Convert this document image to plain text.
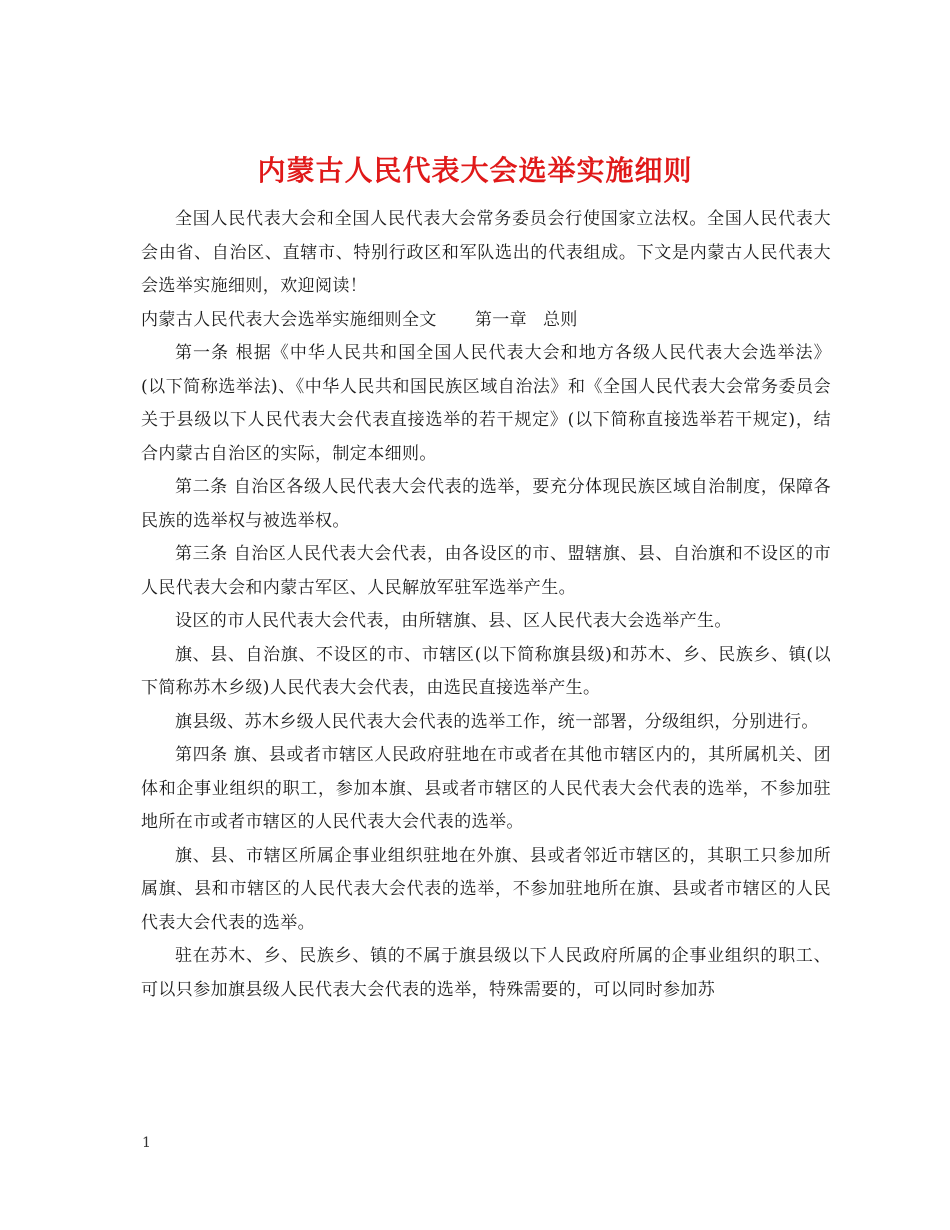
内蒙古人民代表大会选举实施细则

全国人民代表大会和全国人民代表大会常务委员会行使国家立法权。全国人民代表大会由省、自治区、直辖市、特别行政区和军队选出的代表组成。下文是内蒙古人民代表大会选举实施细则，欢迎阅读！

内蒙古人民代表大会选举实施细则全文 第一章 总则

第一条 根据《中华人民共和国全国人民代表大会和地方各级人民代表大会选举法》(以下简称选举法)、《中华人民共和国民族区域自治法》和《全国人民代表大会常务委员会关于县级以下人民代表大会代表直接选举的若干规定》(以下简称直接选举若干规定)，结合内蒙古自治区的实际，制定本细则。

第二条 自治区各级人民代表大会代表的选举，要充分体现民族区域自治制度，保障各民族的选举权与被选举权。

第三条 自治区人民代表大会代表，由各设区的市、盟辖旗、县、自治旗和不设区的市人民代表大会和内蒙古军区、人民解放军驻军选举产生。

设区的市人民代表大会代表，由所辖旗、县、区人民代表大会选举产生。

旗、县、自治旗、不设区的市、市辖区(以下简称旗县级)和苏木、乡、民族乡、镇(以下简称苏木乡级)人民代表大会代表，由选民直接选举产生。

旗县级、苏木乡级人民代表大会代表的选举工作，统一部署，分级组织，分别进行。

第四条 旗、县或者市辖区人民政府驻地在市或者在其他市辖区内的，其所属机关、团体和企事业组织的职工，参加本旗、县或者市辖区的人民代表大会代表的选举，不参加驻地所在市或者市辖区的人民代表大会代表的选举。

旗、县、市辖区所属企事业组织驻地在外旗、县或者邻近市辖区的，其职工只参加所属旗、县和市辖区的人民代表大会代表的选举，不参加驻地所在旗、县或者市辖区的人民代表大会代表的选举。

驻在苏木、乡、民族乡、镇的不属于旗县级以下人民政府所属的企事业组织的职工、可以只参加旗县级人民代表大会代表的选举，特殊需要的，可以同时参加苏

1
